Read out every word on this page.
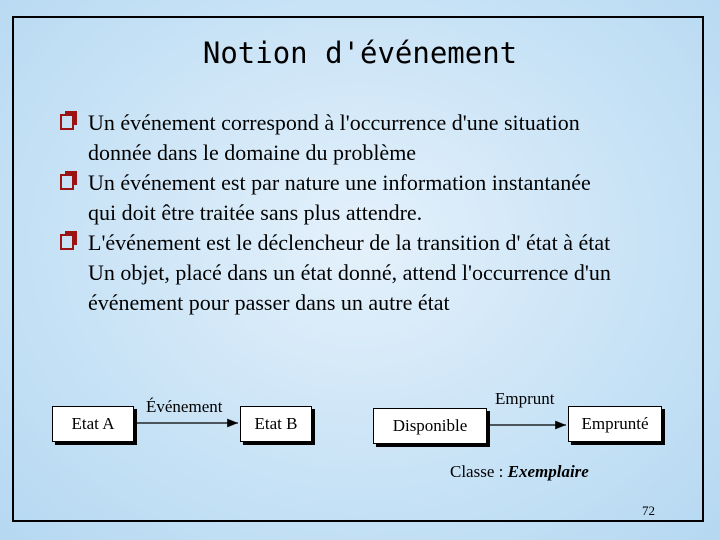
Notion d'événement
Un événement correspond à l'occurrence d'une situation
donnée dans le domaine du problème
Un événement est par nature une information instantanée
qui doit être traitée sans plus attendre.
L'événement est le déclencheur de la transition d' état à état
Un objet, placé dans un état donné, attend l'occurrence d'un
événement pour passer dans un autre état
Etat A
Événement
Etat B	Disponible
Emprunt
Emprunté
Classe : Exemplaire
72
